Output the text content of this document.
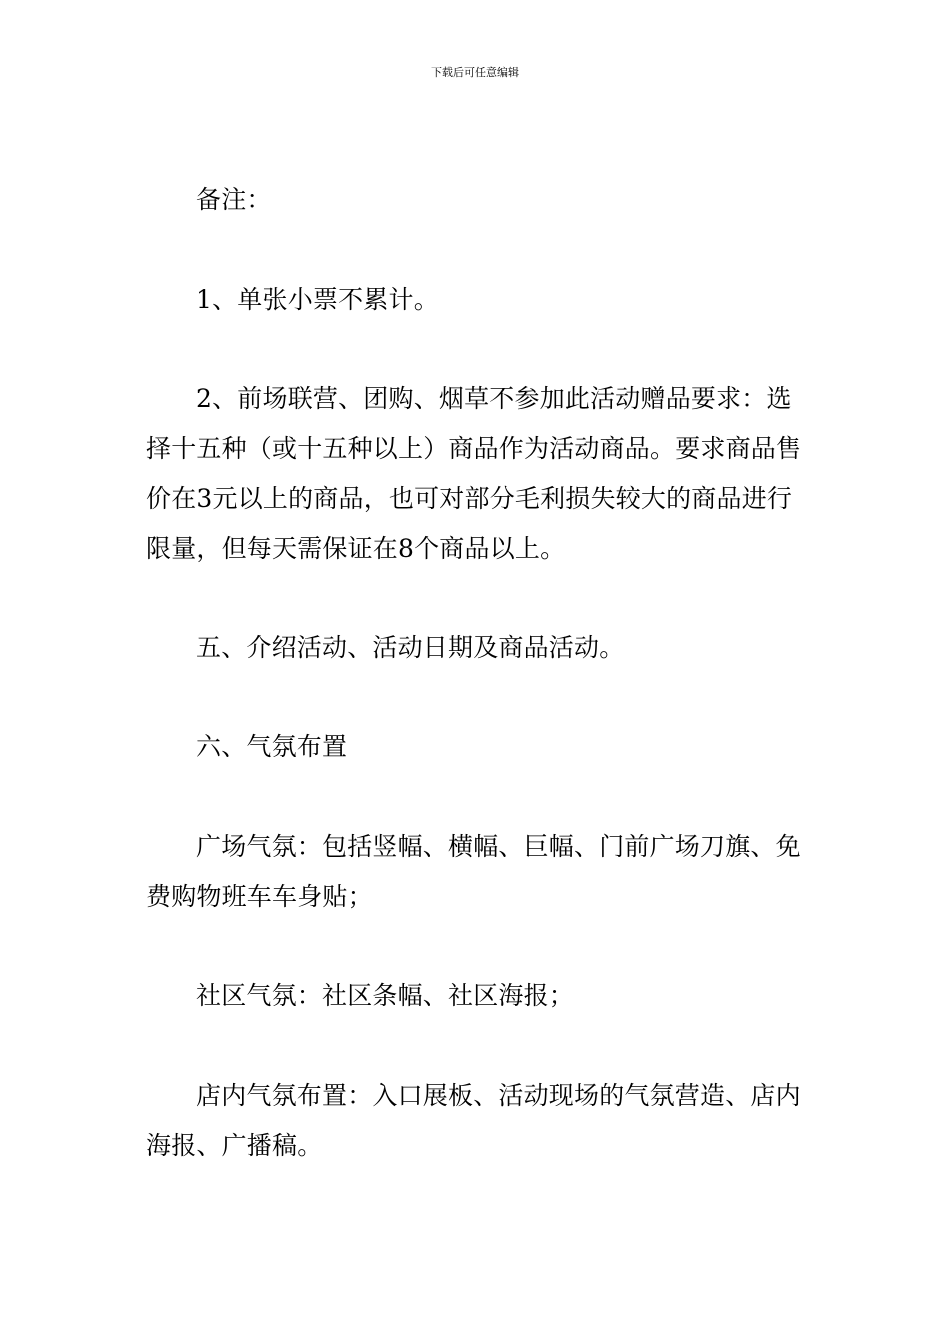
下载后可任意编辑

备注：

1、单张小票不累计。

2、前场联营、团购、烟草不参加此活动赠品要求：选择十五种（或十五种以上）商品作为活动商品。要求商品售价在3元以上的商品，也可对部分毛利损失较大的商品进行限量，但每天需保证在8个商品以上。

五、介绍活动、活动日期及商品活动。

六、气氛布置

广场气氛：包括竖幅、横幅、巨幅、门前广场刀旗、免费购物班车车身贴；

社区气氛：社区条幅、社区海报；

店内气氛布置：入口展板、活动现场的气氛营造、店内海报、广播稿。
